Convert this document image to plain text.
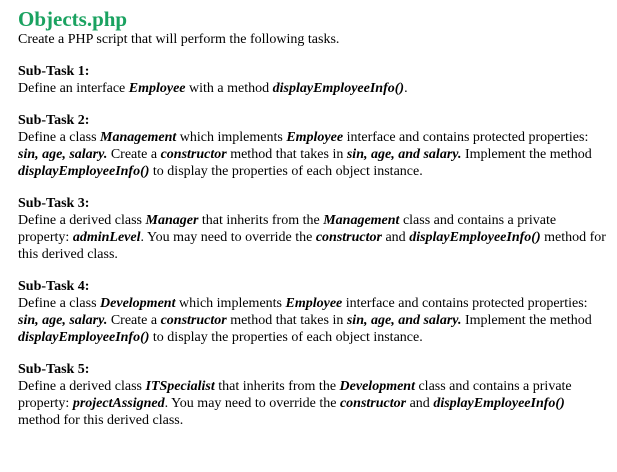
Objects.php

Create a PHP script that will perform the following tasks.

Sub-Task 1:

Define an interface Employee with a method displayEmployeeInfo().

Sub-Task 2:

Define a class Management which implements Employee interface and contains protected properties: sin, age, salary. Create a constructor method that takes in sin, age, and salary. Implement the method displayEmployeeInfo() to display the properties of each object instance.

Sub-Task 3:

Define a derived class Manager that inherits from the Management class and contains a private property: adminLevel. You may need to override the constructor and displayEmployeeInfo() method for this derived class.

Sub-Task 4:

Define a class Development which implements Employee interface and contains protected properties: sin, age, salary. Create a constructor method that takes in sin, age, and salary. Implement the method displayEmployeeInfo() to display the properties of each object instance.

Sub-Task 5:

Define a derived class ITSpecialist that inherits from the Development class and contains a private property: projectAssigned. You may need to override the constructor and displayEmployeeInfo() method for this derived class.
